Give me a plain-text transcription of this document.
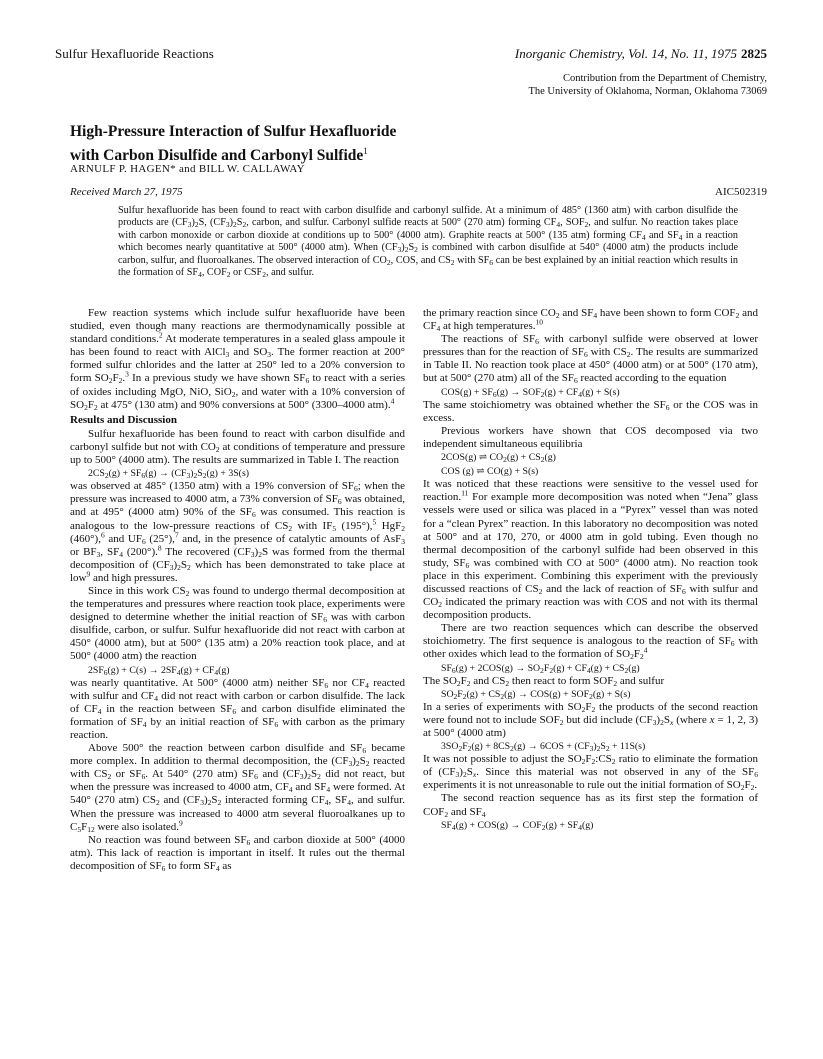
Sulfur Hexafluoride Reactions	Inorganic Chemistry, Vol. 14, No. 11, 1975 2825
Contribution from the Department of Chemistry,
The University of Oklahoma, Norman, Oklahoma 73069
High-Pressure Interaction of Sulfur Hexafluoride
with Carbon Disulfide and Carbonyl Sulfide$^1$
ARNULF P. HAGEN* and BILL W. CALLAWAY
Received March 27, 1975	AIC502319
Sulfur hexafluoride has been found to react with carbon disulfide and carbonyl sulfide. At a minimum of 485° (1360 atm) with carbon disulfide the products are $(CF_3)_2S$, $(CF_3)_2S_2$, carbon, and sulfur. Carbonyl sulfide reacts at 500° (270 atm) forming $CF_4$, $SOF_2$, and sulfur. No reaction takes place with carbon monoxide or carbon dioxide at conditions up to 500° (4000 atm). Graphite reacts at 500° (135 atm) forming $CF_4$ and $SF_4$ in a reaction which becomes nearly quantitative at 500° (4000 atm). When $(CF_3)_2S_2$ is combined with carbon disulfide at 540° (4000 atm) the products include carbon, sulfur, and fluoroalkanes. The observed interaction of $CO_2$, COS, and $CS_2$ with $SF_6$ can be best explained by an initial reaction which results in the formation of $SF_4$, $COF_2$ or $CSF_2$, and sulfur.

Few reaction systems which include sulfur hexafluoride have been studied, even though many reactions are thermodynamically possible at standard conditions.$^2$ At moderate temperatures in a sealed glass ampoule it has been found to react with AlCl$_3$ and $SO_3$. The former reaction at 200° formed sulfur chlorides and the latter at 250° led to a 20% conversion to form $SO_2F_2.^3$ In a previous study we have shown $SF_6$ to react with a series of oxides including MgO, NiO, SiO$_2$, and water with a 10% conversion of $SO_2F_2$ at 475° (130 atm) and 90% conversions at 500° (3300–4000 atm).$^4$

Results and Discussion

Sulfur hexafluoride has been found to react with carbon disulfide and carbonyl sulfide but not with $CO_2$ at conditions of temperature and pressure up to 500° (4000 atm). The results are summarized in Table I. The reaction

$2CS_2(g) + SF_6(g) \to (CF_3)_2S_2(g) + 3S(s)$

was observed at 485° (1350 atm) with a 19% conversion of $SF_6$; when the pressure was increased to 4000 atm, a 73% conversion of $SF_6$ was obtained, and at 495° (4000 atm) 90% of the $SF_6$ was consumed. This reaction is analogous to the low-pressure reactions of $CS_2$ with $IF_5$ (195°),$^5$ HgF$_2$ (460°),$^6$ and $UF_6$ (25°),$^7$ and, in the presence of catalytic amounts of AsF$_3$ or $BF_3$, $SF_4$ (200°).$^8$ The recovered $(CF_3)_2S$ was formed from the thermal decomposition of $(CF_3)_2S_2$ which has been demonstrated to take place at low$^9$ and high pressures.

Since in this work $CS_2$ was found to undergo thermal decomposition at the temperatures and pressures where reaction took place, experiments were designed to determine whether the initial reaction of $SF_6$ was with carbon disulfide, carbon, or sulfur. Sulfur hexafluoride did not react with carbon at 450° (4000 atm), but at 500° (135 atm) a 20% reaction took place, and at 500° (4000 atm) the reaction

$2SF_6(g) + C(s) \to 2SF_4(g) + CF_4(g)$

was nearly quantitative. At 500° (4000 atm) neither $SF_6$ nor $CF_4$ reacted with sulfur and $CF_4$ did not react with carbon or carbon disulfide. The lack of $CF_4$ in the reaction between $SF_6$ and carbon disulfide eliminated the formation of $SF_4$ by an initial reaction of $SF_6$ with carbon as the primary reaction.

Above 500° the reaction between carbon disulfide and $SF_6$ became more complex. In addition to thermal decomposition, the $(CF_3)_2S_2$ reacted with $CS_2$ or $SF_6$. At 540° (270 atm) $SF_6$ and $(CF_3)_2S_2$ did not react, but when the pressure was increased to 4000 atm, $CF_4$ and $SF_4$ were formed. At 540° (270 atm) $CS_2$ and $(CF_3)_2S_2$ interacted forming $CF_4$, $SF_4$, and sulfur. When the pressure was increased to 4000 atm several fluoroalkanes up to $C_5F_{12}$ were also isolated.$^9$

No reaction was found between $SF_6$ and carbon dioxide at 500° (4000 atm). This lack of reaction is important in itself. It rules out the thermal decomposition of $SF_6$ to form $SF_4$ as

the primary reaction since $CO_2$ and $SF_4$ have been shown to form $COF_2$ and $CF_4$ at high temperatures.$^{10}$

The reactions of $SF_6$ with carbonyl sulfide were observed at lower pressures than for the reaction of $SF_6$ with $CS_2$. The results are summarized in Table II. No reaction took place at 450° (4000 atm) or at 500° (170 atm), but at 500° (270 atm) all of the $SF_6$ reacted according to the equation

$COS(g) + SF_6(g) \to SOF_2(g) + CF_4(g) + S(s)$

The same stoichiometry was obtained whether the $SF_6$ or the COS was in excess.

Previous workers have shown that COS decomposed via two independent simultaneous equilibria

2COS(g) ⇌ $CO_2(g) + CS_2(g)$

COS (g) ⇌ CO(g) + S(s)

It was noticed that these reactions were sensitive to the vessel used for reaction.$^{11}$ For example more decomposition was noted when “Jena” glass vessels were used or silica was placed in a “Pyrex” vessel than was noted for a “clean Pyrex” reaction. In this laboratory no decomposition was noted at 500° and at 170, 270, or 4000 atm in gold tubing. Even though no thermal decomposition of the carbonyl sulfide had been observed in this study, $SF_6$ was combined with CO at 500° (4000 atm). No reaction took place in this experiment. Combining this experiment with the previously discussed reactions of $CS_2$ and the lack of reaction of $SF_6$ with sulfur and $CO_2$ indicated the primary reaction was with COS and not with its thermal decomposition products.

There are two reaction sequences which can describe the observed stoichiometry. The first sequence is analogous to the reaction of $SF_6$ with other oxides which lead to the formation of $SO_2F_2^4$

$SF_6(g) + 2COS(g) \to SO_2F_2(g) + CF_4(g) + CS_2(g)$

The $SO_2F_2$ and $CS_2$ then react to form $SOF_2$ and sulfur

$SO_2F_2(g) + CS_2(g) \to COS(g) + SOF_2(g) + S(s)$

In a series of experiments with $SO_2F_2$ the products of the second reaction were found not to include $SOF_2$ but did include $(CF_3)_2S_x$ (where x = 1, 2, 3) at 500° (4000 atm)

$3SO_2F_2(g) + 8CS_2(g) \to 6COS + (CF_3)_2S_2 + 11S(s)$

It was not possible to adjust the $SO_2F_2:CS_2$ ratio to eliminate the formation of $(CF_3)_2S_x$. Since this material was not observed in any of the $SF_6$ experiments it is not unreasonable to rule out the initial formation of $SO_2F_2$.

The second reaction sequence has as its first step the formation of $COF_2$ and $SF_4$

$SF_4(g) + COS(g) \to COF_2(g) + SF_4(g)$
